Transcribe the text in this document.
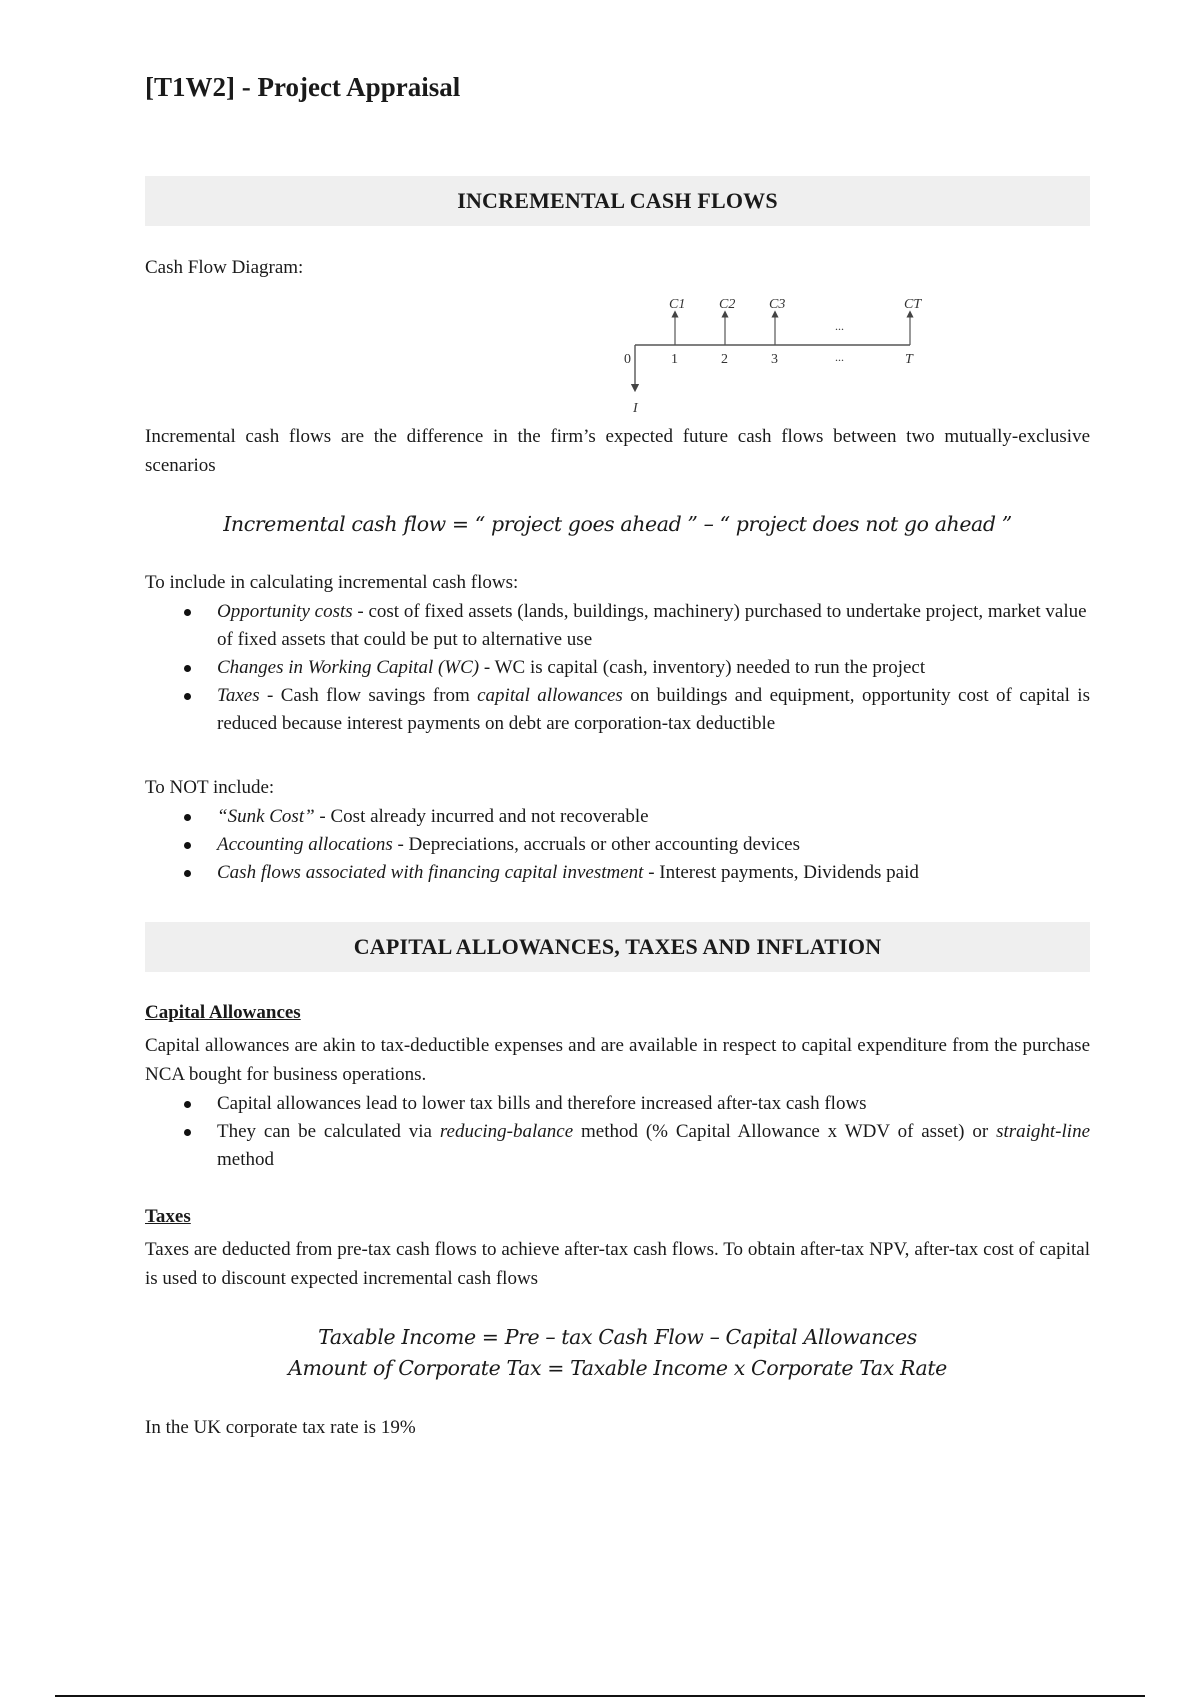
[T1W2] - Project Appraisal
INCREMENTAL CASH FLOWS

Cash Flow Diagram:

C1 C2 C3
...
CT
0	1	2	3	...	T
I

Incremental cash flows are the difference in the firm’s expected future cash flows between two mutually-exclusive scenarios

Incremental cash flow = “ project goes ahead ” – “ project does not go ahead ”

To include in calculating incremental cash flows:

Opportunity costs - cost of fixed assets (lands, buildings, machinery) purchased to undertake project, market value of fixed assets that could be put to alternative use
Changes in Working Capital (WC) - WC is capital (cash, inventory) needed to run the project
Taxes - Cash flow savings from capital allowances on buildings and equipment, opportunity cost of capital is reduced because interest payments on debt are corporation-tax deductible

To NOT include:

“Sunk Cost” - Cost already incurred and not recoverable
Accounting allocations - Depreciations, accruals or other accounting devices
Cash flows associated with financing capital investment - Interest payments, Dividends paid
CAPITAL ALLOWANCES, TAXES AND INFLATION
Capital Allowances

Capital allowances are akin to tax-deductible expenses and are available in respect to capital expenditure from the purchase NCA bought for business operations.

Capital allowances lead to lower tax bills and therefore increased after-tax cash flows
They can be calculated via reducing-balance method (% Capital Allowance x WDV of asset) or straight-line method
Taxes

Taxes are deducted from pre-tax cash flows to achieve after-tax cash flows. To obtain after-tax NPV, after-tax cost of capital is used to discount expected incremental cash flows

Taxable Income = Pre – tax Cash Flow – Capital Allowances
Amount of Corporate Tax = Taxable Income x Corporate Tax Rate

In the UK corporate tax rate is 19%
